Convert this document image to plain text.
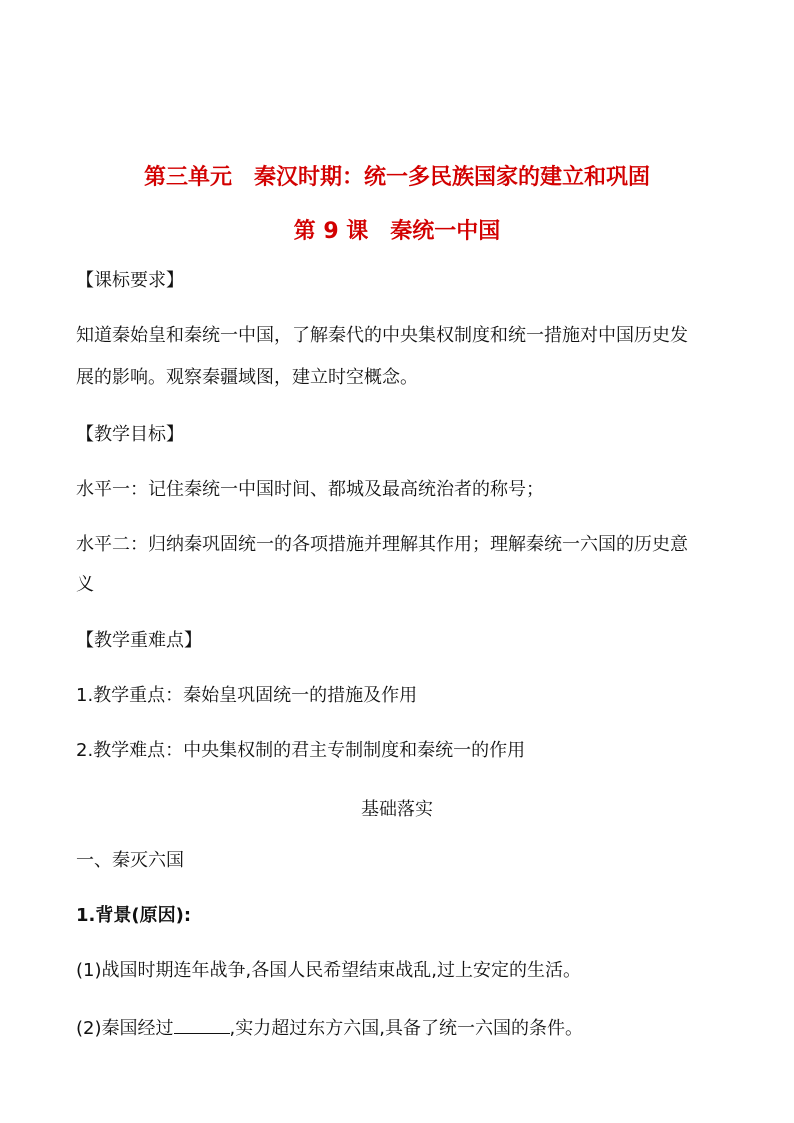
第三单元　秦汉时期：统一多民族国家的建立和巩固
第 9 课　秦统一中国
【课标要求】
知道秦始皇和秦统一中国，了解秦代的中央集权制度和统一措施对中国历史发
展的影响。观察秦疆域图，建立时空概念。
【教学目标】
水平一：记住秦统一中国时间、都城及最高统治者的称号；
水平二：归纳秦巩固统一的各项措施并理解其作用；理解秦统一六国的历史意
义
【教学重难点】
1.教学重点：秦始皇巩固统一的措施及作用
2.教学难点：中央集权制的君主专制制度和秦统一的作用
基础落实
一、秦灭六国
1.背景(原因):
(1)战国时期连年战争,各国人民希望结束战乱,过上安定的生活。
(2)秦国经过	,实力超过东方六国,具备了统一六国的条件。
